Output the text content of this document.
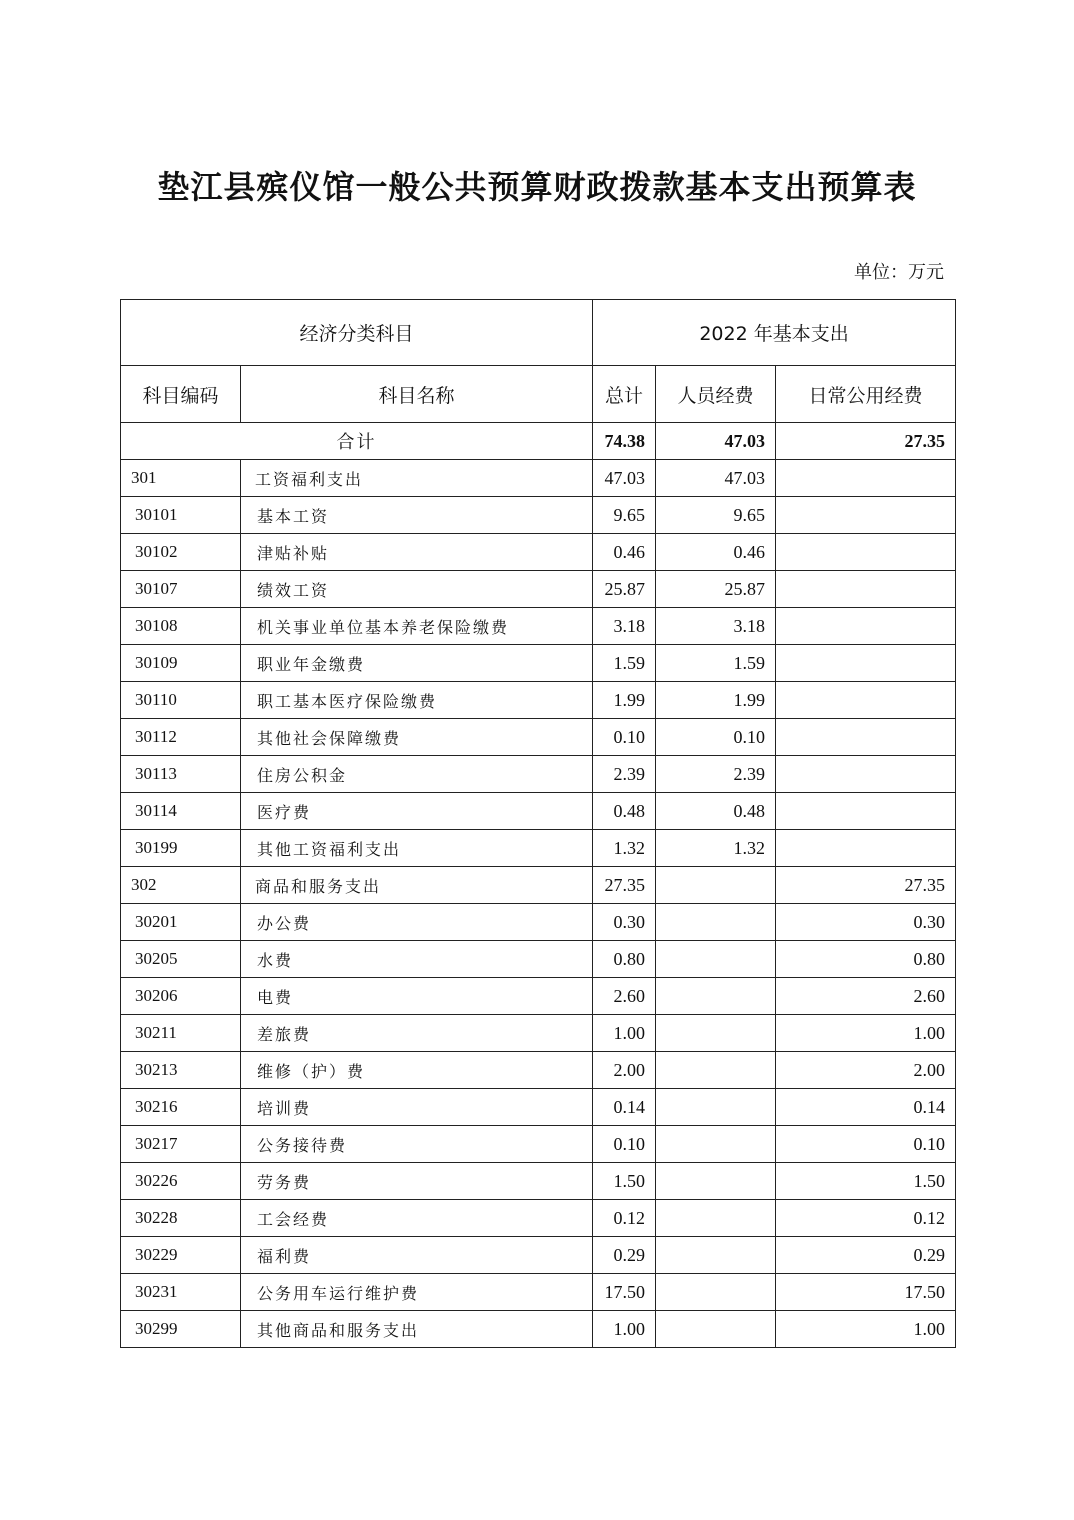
垫江县殡仪馆一般公共预算财政拨款基本支出预算表
单位：万元
经济分类科目		2022 年基本支出		
科目编码	科目名称	总计	人员经费	日常公用经费
合计		74.38	47.03	27.35
301	工资福利支出	47.03	47.03	
30101	基本工资	9.65	9.65	
30102	津贴补贴	0.46	0.46	
30107	绩效工资	25.87	25.87	
30108	机关事业单位基本养老保险缴费	3.18	3.18	
30109	职业年金缴费	1.59	1.59	
30110	职工基本医疗保险缴费	1.99	1.99	
30112	其他社会保障缴费	0.10	0.10	
30113	住房公积金	2.39	2.39	
30114	医疗费	0.48	0.48	
30199	其他工资福利支出	1.32	1.32	
302	商品和服务支出	27.35		27.35
30201	办公费	0.30		0.30
30205	水费	0.80		0.80
30206	电费	2.60		2.60
30211	差旅费	1.00		1.00
30213	维修（护）费	2.00		2.00
30216	培训费	0.14		0.14
30217	公务接待费	0.10		0.10
30226	劳务费	1.50		1.50
30228	工会经费	0.12		0.12
30229	福利费	0.29		0.29
30231	公务用车运行维护费	17.50		17.50
30299	其他商品和服务支出	1.00		1.00
